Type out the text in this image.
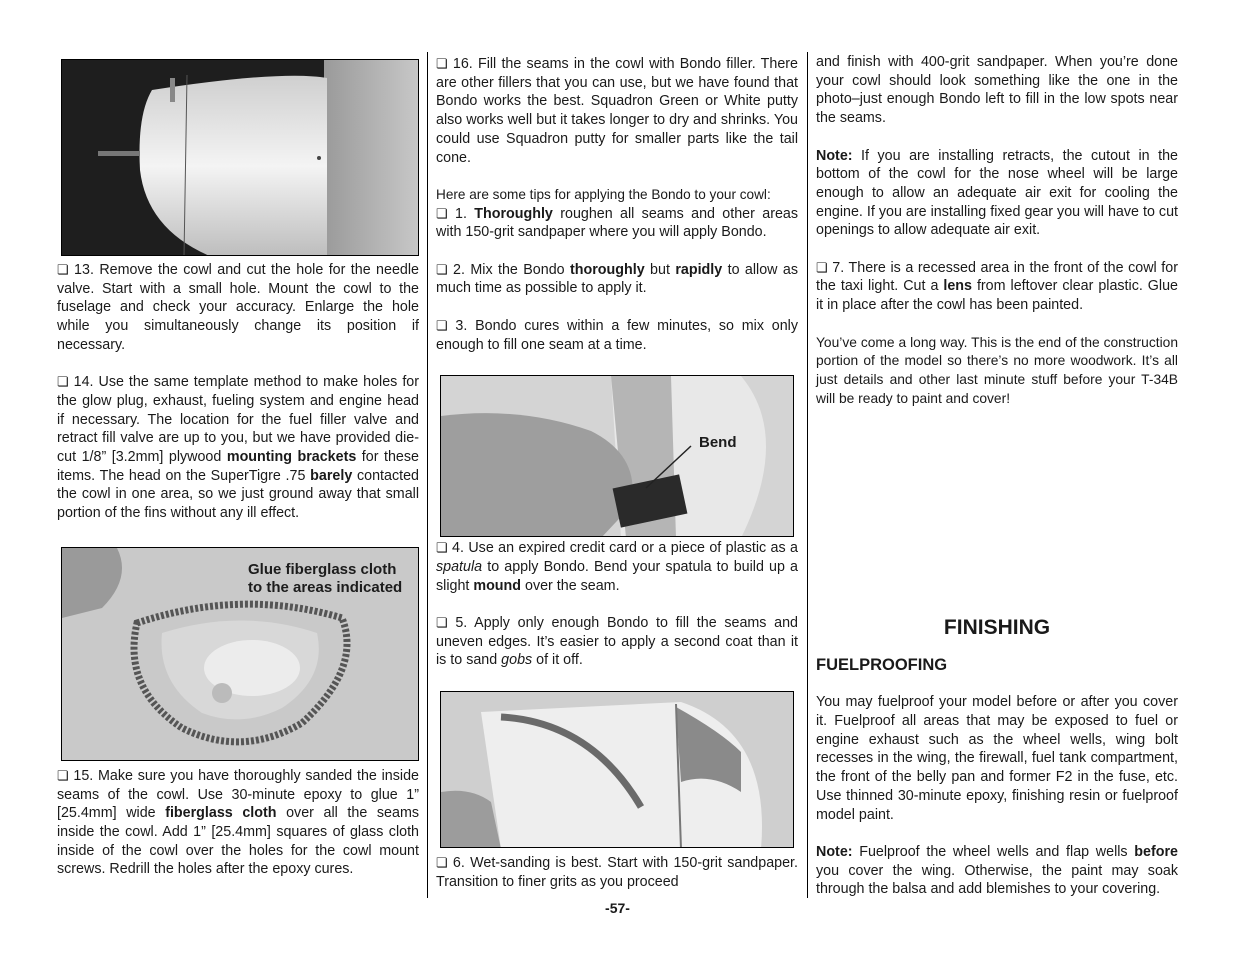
❏ 13. Remove the cowl and cut the hole for the needle valve. Start with a small hole. Mount the cowl to the fuselage and check your accuracy. Enlarge the hole while you simultaneously change its position if necessary.

❏ 14. Use the same template method to make holes for the glow plug, exhaust, fueling system and engine head if necessary. The location for the fuel filler valve and retract fill valve are up to you, but we have provided die-cut 1/8” [3.2mm] plywood mounting brackets for these items. The head on the SuperTigre .75 barely contacted the cowl in one area, so we just ground away that small portion of the fins without any ill effect.

Glue fiberglass cloth
to the areas indicated

❏ 15. Make sure you have thoroughly sanded the inside seams of the cowl. Use 30-minute epoxy to glue 1” [25.4mm] wide fiberglass cloth over all the seams inside the cowl. Add 1” [25.4mm] squares of glass cloth inside of the cowl over the holes for the cowl mount screws. Redrill the holes after the epoxy cures.

❏ 16. Fill the seams in the cowl with Bondo filler. There are other fillers that you can use, but we have found that Bondo works the best. Squadron Green or White putty also works well but it takes longer to dry and shrinks. You could use Squadron putty for smaller parts like the tail cone.

Here are some tips for applying the Bondo to your cowl:

❏ 1. Thoroughly roughen all seams and other areas with 150-grit sandpaper where you will apply Bondo.

❏ 2. Mix the Bondo thoroughly but rapidly to allow as much time as possible to apply it.

❏ 3. Bondo cures within a few minutes, so mix only enough to fill one seam at a time.

Bend

❏ 4. Use an expired credit card or a piece of plastic as a spatula to apply Bondo. Bend your spatula to build up a slight mound over the seam.

❏ 5. Apply only enough Bondo to fill the seams and uneven edges. It’s easier to apply a second coat than it is to sand gobs of it off.

❏ 6. Wet-sanding is best. Start with 150-grit sandpaper. Transition to finer grits as you proceed

and finish with 400-grit sandpaper. When you’re done your cowl should look something like the one in the photo–just enough Bondo left to fill in the low spots near the seams.

Note: If you are installing retracts, the cutout in the bottom of the cowl for the nose wheel will be large enough to allow an adequate air exit for cooling the engine. If you are installing fixed gear you will have to cut openings to allow adequate air exit.

❏ 7. There is a recessed area in the front of the cowl for the taxi light. Cut a lens from leftover clear plastic. Glue it in place after the cowl has been painted.

You’ve come a long way. This is the end of the construction portion of the model so there’s no more woodwork. It’s all just details and other last minute stuff before your T-34B will be ready to paint and cover!

FINISHING
FUELPROOFING

You may fuelproof your model before or after you cover it. Fuelproof all areas that may be exposed to fuel or engine exhaust such as the wheel wells, wing bolt recesses in the wing, the firewall, fuel tank compartment, the front of the belly pan and former F2 in the fuse, etc. Use thinned 30-minute epoxy, finishing resin or fuelproof model paint.

Note: Fuelproof the wheel wells and flap wells before you cover the wing. Otherwise, the paint may soak through the balsa and add blemishes to your covering.

-57-
